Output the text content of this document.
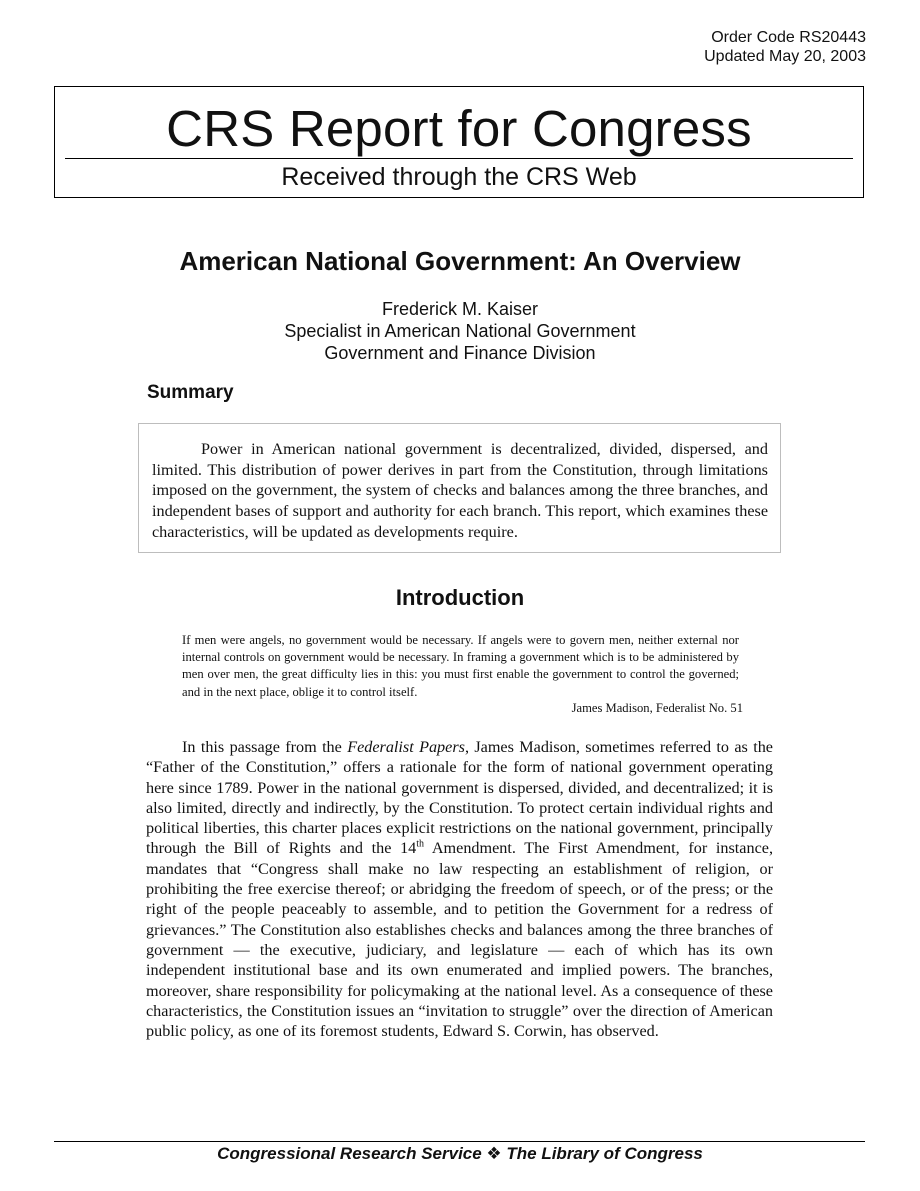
Order Code RS20443
Updated May 20, 2003
CRS Report for Congress
Received through the CRS Web
American National Government: An Overview
Frederick M. Kaiser
Specialist in American National Government
Government and Finance Division
Summary
Power in American national government is decentralized, divided, dispersed, and limited. This distribution of power derives in part from the Constitution, through limitations imposed on the government, the system of checks and balances among the three branches, and independent bases of support and authority for each branch. This report, which examines these characteristics, will be updated as developments require.
Introduction
If men were angels, no government would be necessary. If angels were to govern men, neither external nor internal controls on government would be necessary. In framing a government which is to be administered by men over men, the great difficulty lies in this: you must first enable the government to control the governed; and in the next place, oblige it to control itself.
James Madison, Federalist No. 51
In this passage from the Federalist Papers, James Madison, sometimes referred to as the “Father of the Constitution,” offers a rationale for the form of national government operating here since 1789. Power in the national government is dispersed, divided, and decentralized; it is also limited, directly and indirectly, by the Constitution. To protect certain individual rights and political liberties, this charter places explicit restrictions on the national government, principally through the Bill of Rights and the 14th Amendment. The First Amendment, for instance, mandates that “Congress shall make no law respecting an establishment of religion, or prohibiting the free exercise thereof; or abridging the freedom of speech, or of the press; or the right of the people peaceably to assemble, and to petition the Government for a redress of grievances.” The Constitution also establishes checks and balances among the three branches of government — the executive, judiciary, and legislature — each of which has its own independent institutional base and its own enumerated and implied powers. The branches, moreover, share responsibility for policymaking at the national level. As a consequence of these characteristics, the Constitution issues an “invitation to struggle” over the direction of American public policy, as one of its foremost students, Edward S. Corwin, has observed.
Congressional Research Service ❖ The Library of Congress
